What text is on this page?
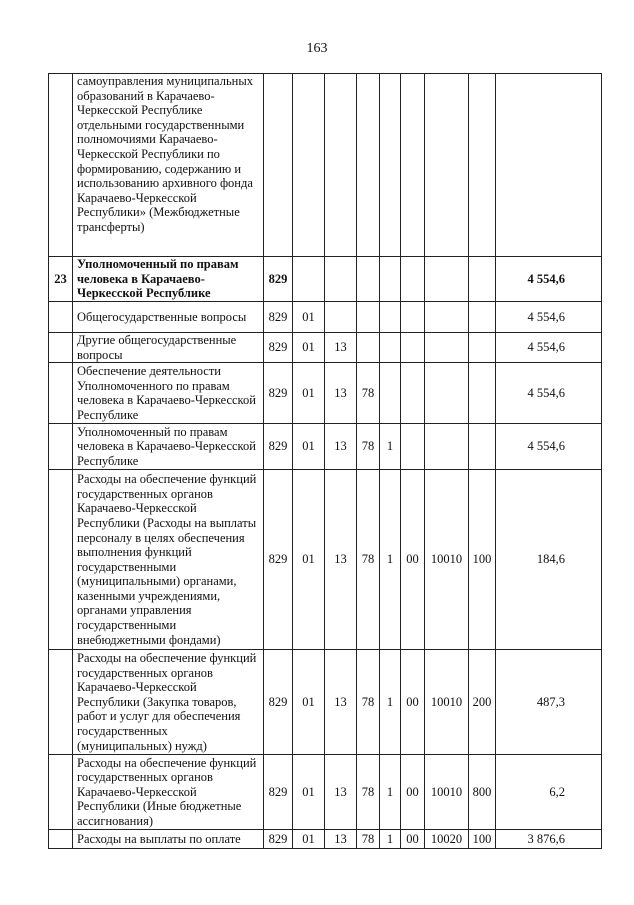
163
	самоуправления муниципальных образований в Карачаево-Черкесской Республике отдельными государственными полномочиями Карачаево-Черкесской Республики по формированию, содержанию и использованию архивного фонда Карачаево-Черкесской Республики» (Межбюджетные трансферты)									
23	Уполномоченный по правам человека в Карачаево-Черкесской Республике	829								4 554,6
	Общегосударственные вопросы	829	01							4 554,6
	Другие общегосударственные вопросы	829	01	13						4 554,6
	Обеспечение деятельности Уполномоченного по правам человека в Карачаево-Черкесской Республике	829	01	13	78					4 554,6
	Уполномоченный по правам человека в Карачаево-Черкесской Республике	829	01	13	78	1				4 554,6
	Расходы на обеспечение функций государственных органов Карачаево-Черкесской Республики (Расходы на выплаты персоналу в целях обеспечения выполнения функций государственными (муниципальными) органами, казенными учреждениями, органами управления государственными внебюджетными фондами)	829	01	13	78	1	00	10010	100	184,6
	Расходы на обеспечение функций государственных органов Карачаево-Черкесской Республики (Закупка товаров, работ и услуг для обеспечения государственных (муниципальных) нужд)	829	01	13	78	1	00	10010	200	487,3
	Расходы на обеспечение функций государственных органов Карачаево-Черкесской Республики (Иные бюджетные ассигнования)	829	01	13	78	1	00	10010	800	6,2
	Расходы на выплаты по оплате	829	01	13	78	1	00	10020	100	3 876,6
